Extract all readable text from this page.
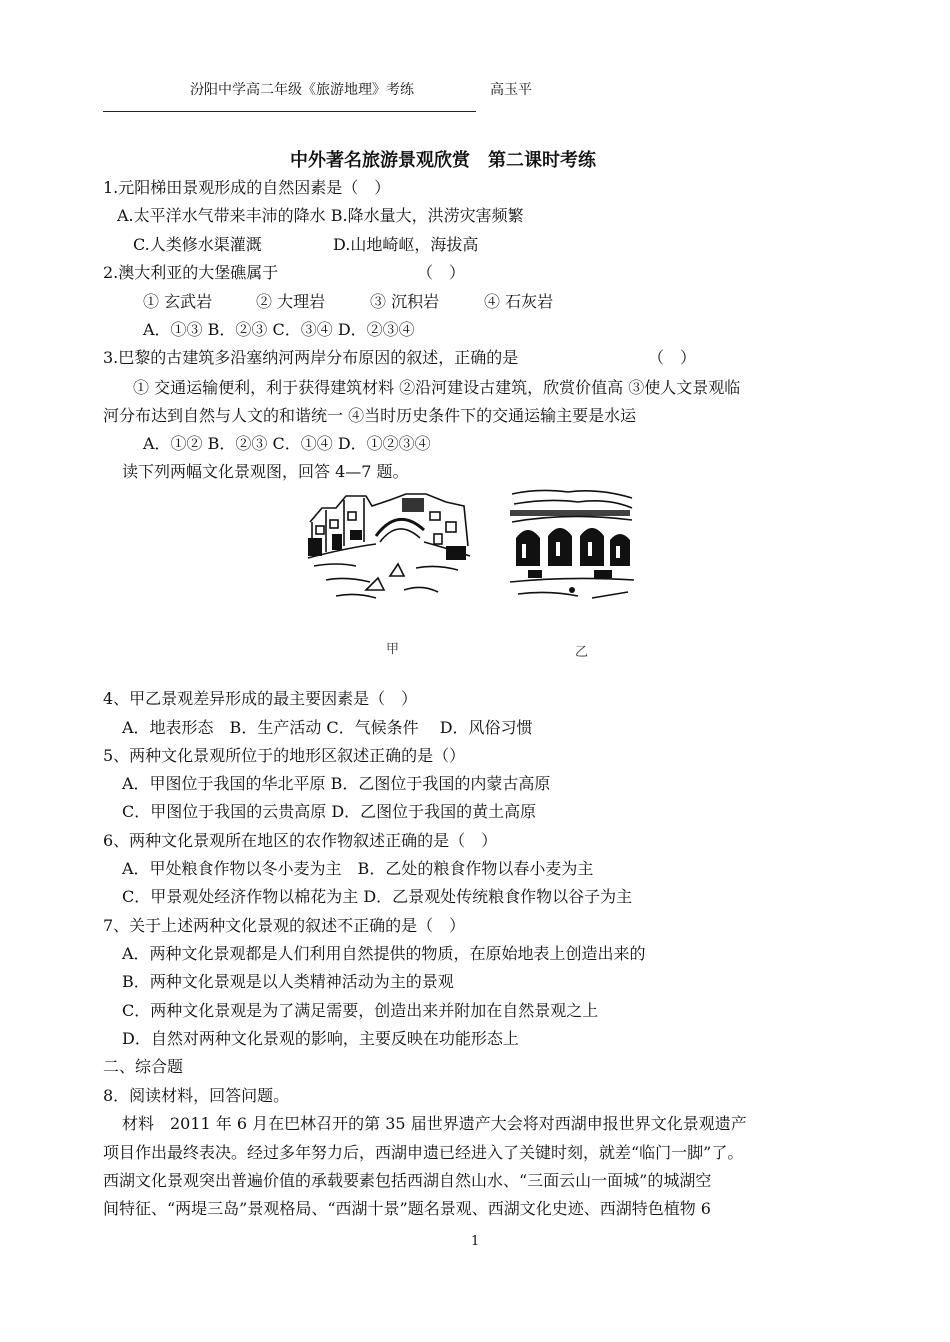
汾阳中学高二年级《旅游地理》考练	高玉平
中外著名旅游景观欣赏　第二课时考练
1.元阳梯田景观形成的自然因素是（　）
A.太平洋水气带来丰沛的降水 B.降水量大，洪涝灾害频繁
C.人类修水渠灌溉	D.山地崎岖，海拔高
2.澳大利亚的大堡礁属于	（　）
① 玄武岩	② 大理岩	③ 沉积岩	④ 石灰岩
A．①③ B．②③ C．③④ D．②③④
3.巴黎的古建筑多沿塞纳河两岸分布原因的叙述，正确的是	（　）
① 交通运输便利，利于获得建筑材料 ②沿河建设古建筑，欣赏价值高 ③使人文景观临
河分布达到自然与人文的和谐统一 ④当时历史条件下的交通运输主要是水运
A．①② B．②③ C．①④ D．①②③④
读下列两幅文化景观图，回答 4—7 题。
甲	乙
4、甲乙景观差异形成的最主要因素是（　）
A．地表形态　B．生产活动 C．气候条件　 D．风俗习惯
5、两种文化景观所位于的地形区叙述正确的是（）
A．甲图位于我国的华北平原 B．乙图位于我国的内蒙古高原
C．甲图位于我国的云贵高原 D．乙图位于我国的黄土高原
6、两种文化景观所在地区的农作物叙述正确的是（　）
A．甲处粮食作物以冬小麦为主　B．乙处的粮食作物以春小麦为主
C．甲景观处经济作物以棉花为主 D．乙景观处传统粮食作物以谷子为主
7、关于上述两种文化景观的叙述不正确的是（　）
A．两种文化景观都是人们利用自然提供的物质，在原始地表上创造出来的
B．两种文化景观是以人类精神活动为主的景观
C．两种文化景观是为了满足需要，创造出来并附加在自然景观之上
D．自然对两种文化景观的影响，主要反映在功能形态上
二、综合题
8．阅读材料，回答问题。
材料　2011 年 6 月在巴林召开的第 35 届世界遗产大会将对西湖申报世界文化景观遗产
项目作出最终表决。经过多年努力后，西湖申遗已经进入了关键时刻，就差“临门一脚”了。
西湖文化景观突出普遍价值的承载要素包括西湖自然山水、“三面云山一面城”的城湖空
间特征、“两堤三岛”景观格局、“西湖十景”题名景观、西湖文化史迹、西湖特色植物 6
1
